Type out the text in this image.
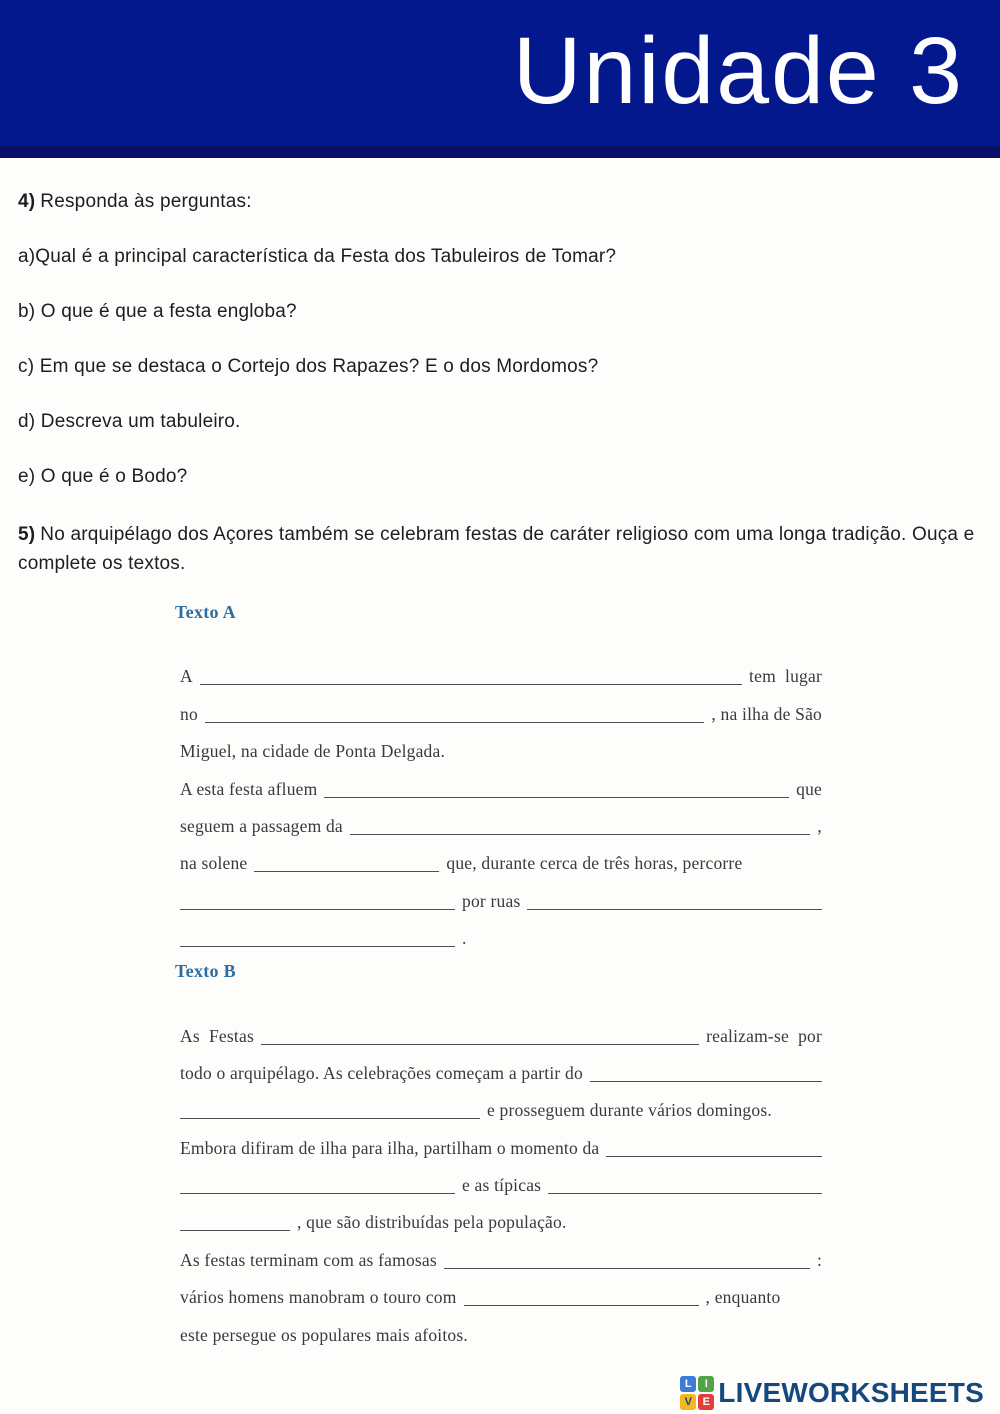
Unidade 3

4) Responda às perguntas:

a)Qual é a principal característica da Festa dos Tabuleiros de Tomar?

b) O que é que a festa engloba?

c) Em que se destaca o Cortejo dos Rapazes? E o dos Mordomos?

d) Descreva um tabuleiro.

e) O que é o Bodo?

5) No arquipélago dos Açores também se celebram festas de caráter religioso com uma longa tradição. Ouça e complete os textos.

Texto A
A	tem  lugar
no	, na ilha de São
Miguel, na cidade de Ponta Delgada.
A esta festa afluem	que
seguem a passagem da	,
na solene	que, durante cerca de três horas, percorre
por ruas
.
Texto B
As  Festas	realizam-se  por
todo o arquipélago. As celebrações começam a partir do
e prosseguem durante vários domingos.
Embora difiram de ilha para ilha, partilham o momento da
e as típicas
, que são distribuídas pela população.
As festas terminam com as famosas	:
vários homens manobram o touro com	, enquanto
este persegue os populares mais afoitos.
L	I
V E LIVEWORKSHEETS
